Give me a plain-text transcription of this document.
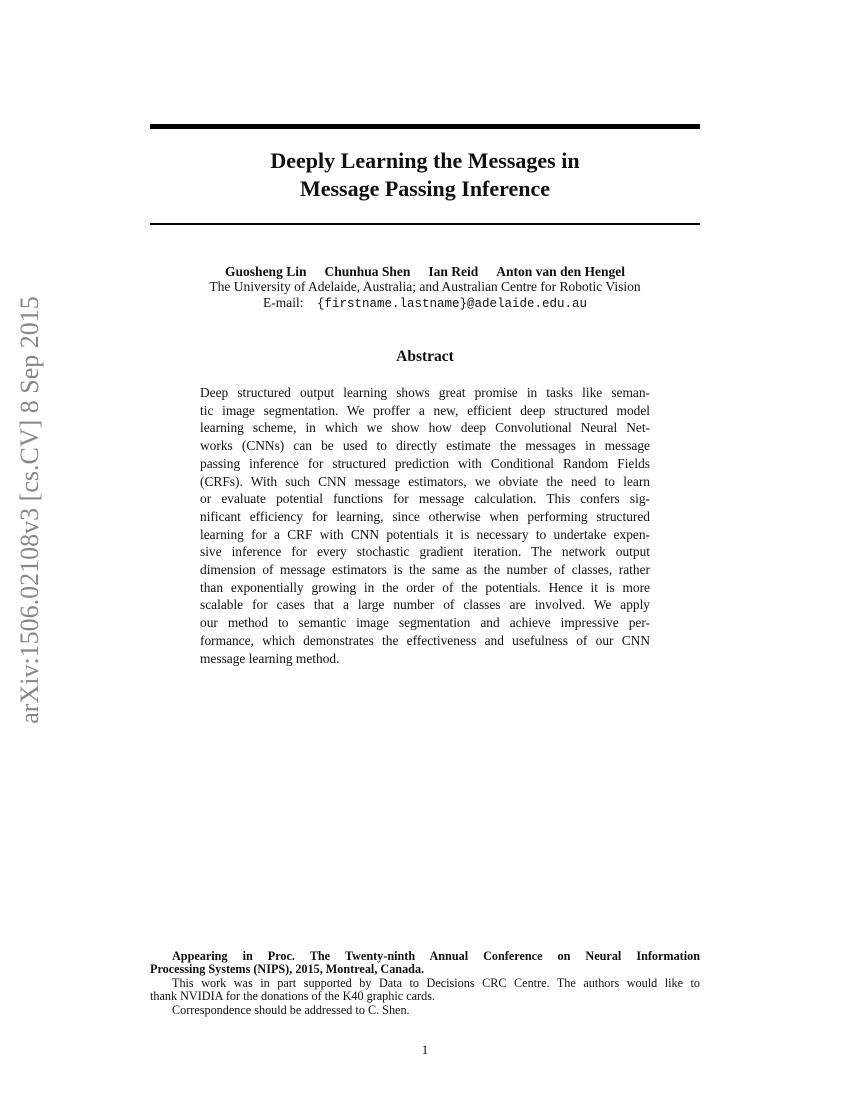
arXiv:1506.02108v3 [cs.CV] 8 Sep 2015
Deeply Learning the Messages in
Message Passing Inference
Guosheng Lin Chunhua Shen Ian Reid Anton van den Hengel
The University of Adelaide, Australia; and Australian Centre for Robotic Vision
E-mail: {firstname.lastname}@adelaide.edu.au
Abstract
Deep structured output learning shows great promise in tasks like seman-
tic image segmentation. We proffer a new, efficient deep structured model
learning scheme, in which we show how deep Convolutional Neural Net-
works (CNNs) can be used to directly estimate the messages in message
passing inference for structured prediction with Conditional Random Fields
(CRFs). With such CNN message estimators, we obviate the need to learn
or evaluate potential functions for message calculation. This confers sig-
nificant efficiency for learning, since otherwise when performing structured
learning for a CRF with CNN potentials it is necessary to undertake expen-
sive inference for every stochastic gradient iteration. The network output
dimension of message estimators is the same as the number of classes, rather
than exponentially growing in the order of the potentials. Hence it is more
scalable for cases that a large number of classes are involved. We apply
our method to semantic image segmentation and achieve impressive per-
formance, which demonstrates the effectiveness and usefulness of our CNN
message learning method.
Appearing in Proc. The Twenty-ninth Annual Conference on Neural Information
Processing Systems (NIPS), 2015, Montreal, Canada.
This work was in part supported by Data to Decisions CRC Centre. The authors would like to
thank NVIDIA for the donations of the K40 graphic cards.
Correspondence should be addressed to C. Shen.
1
